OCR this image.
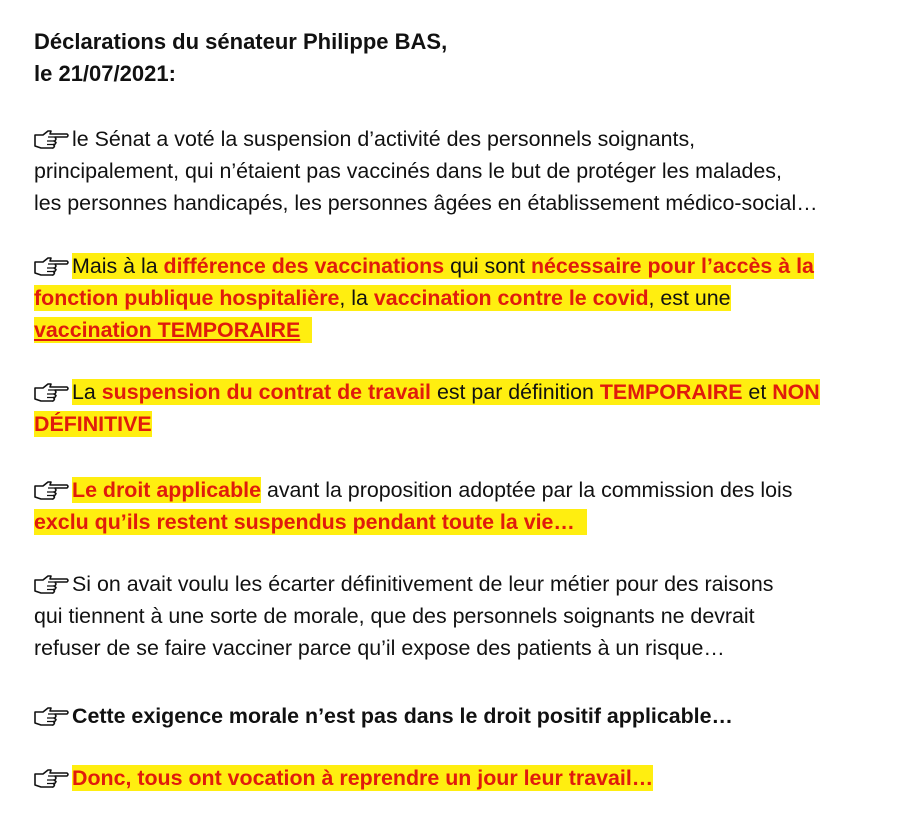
Déclarations du sénateur Philippe BAS,
le 21/07/2021:
le Sénat a voté la suspension d’activité des personnels soignants,
principalement, qui n’étaient pas vaccinés dans le but de protéger les malades,
les personnes handicapés, les personnes âgées en établissement médico-social…
Mais à la différence des vaccinations qui sont nécessaire pour l’accès à la
fonction publique hospitalière, la vaccination contre le covid, est une
vaccination TEMPORAIRE
La suspension du contrat de travail est par définition TEMPORAIRE et NON
DÉFINITIVE
Le droit applicable avant la proposition adoptée par la commission des lois
exclu qu’ils restent suspendus pendant toute la vie…
Si on avait voulu les écarter définitivement de leur métier pour des raisons
qui tiennent à une sorte de morale, que des personnels soignants ne devrait
refuser de se faire vacciner parce qu’il expose des patients à un risque…
Cette exigence morale n’est pas dans le droit positif applicable…
Donc, tous ont vocation à reprendre un jour leur travail…
